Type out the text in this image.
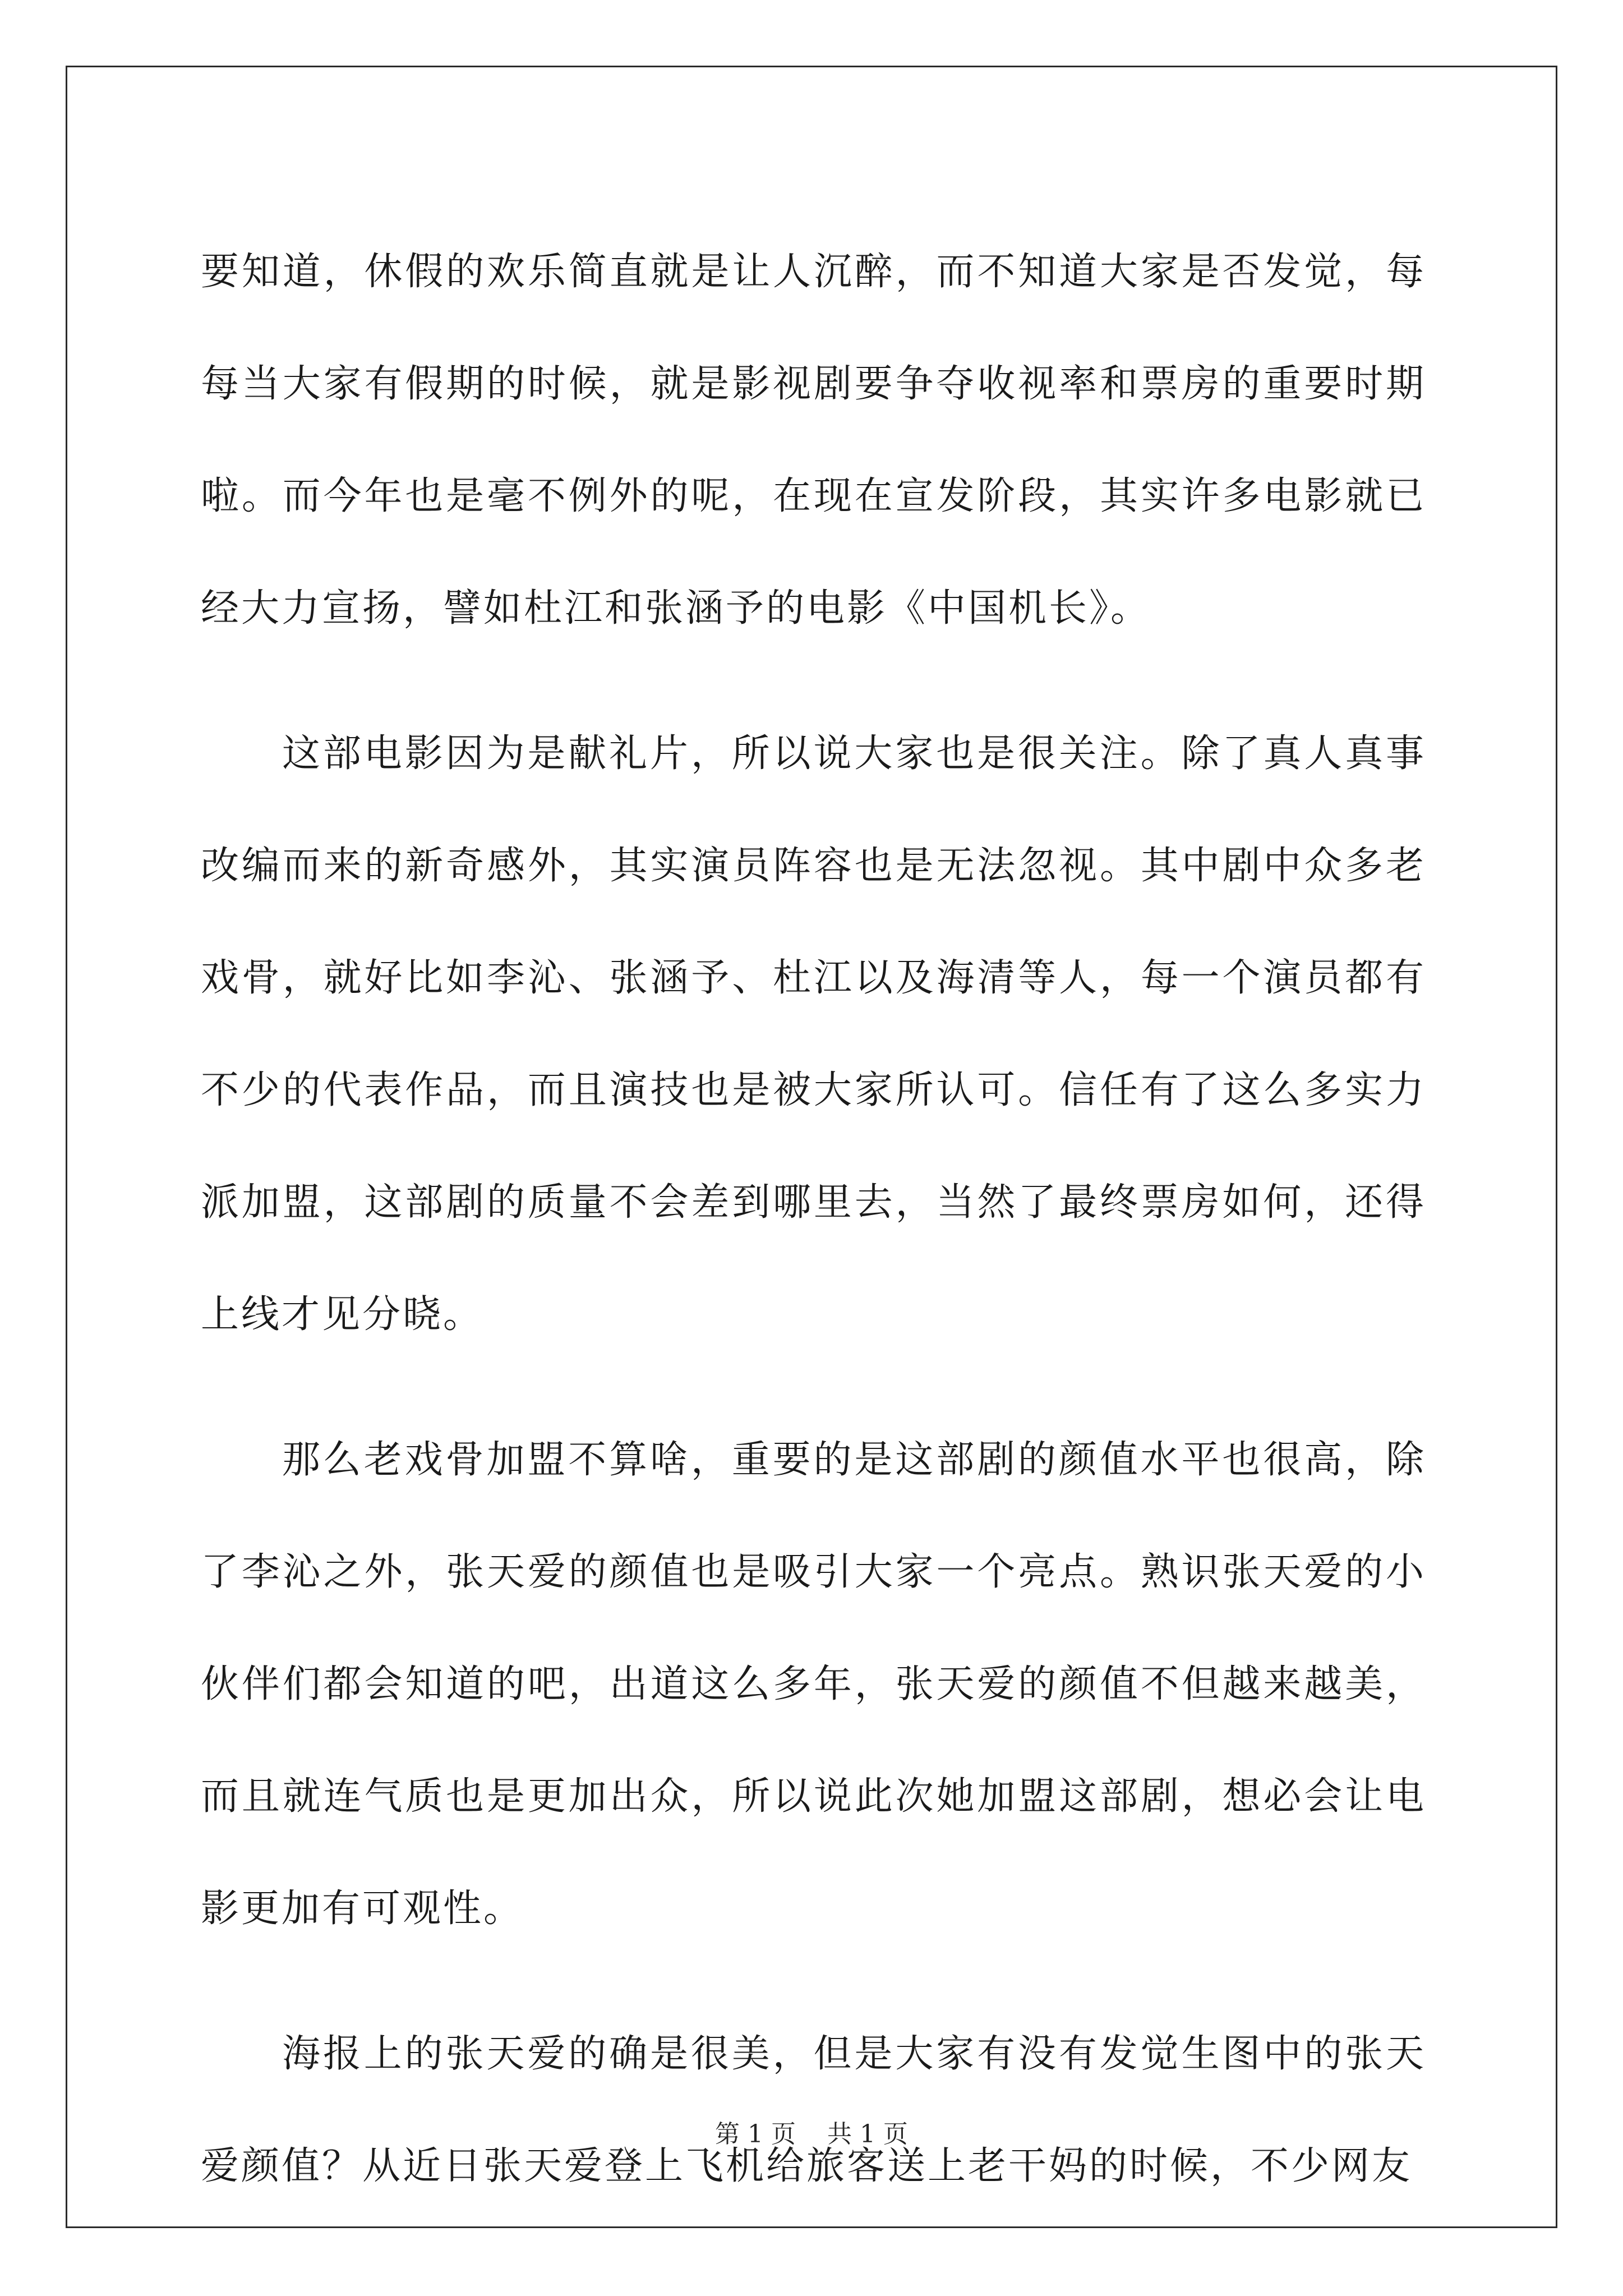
要知道，休假的欢乐简直就是让人沉醉，而不知道大家是否发觉，每每当大家有假期的时候，就是影视剧要争夺收视率和票房的重要时期啦。而今年也是毫不例外的呢，在现在宣发阶段，其实许多电影就已经大力宣扬，譬如杜江和张涵予的电影《中国机长》。

这部电影因为是献礼片，所以说大家也是很关注。除了真人真事改编而来的新奇感外，其实演员阵容也是无法忽视。其中剧中众多老戏骨，就好比如李沁、张涵予、杜江以及海清等人，每一个演员都有不少的代表作品，而且演技也是被大家所认可。信任有了这么多实力派加盟，这部剧的质量不会差到哪里去，当然了最终票房如何，还得上线才见分晓。

那么老戏骨加盟不算啥，重要的是这部剧的颜值水平也很高，除了李沁之外，张天爱的颜值也是吸引大家一个亮点。熟识张天爱的小伙伴们都会知道的吧，出道这么多年，张天爱的颜值不但越来越美，而且就连气质也是更加出众，所以说此次她加盟这部剧，想必会让电影更加有可观性。

海报上的张天爱的确是很美，但是大家有没有发觉生图中的张天爱颜值？从近日张天爱登上飞机给旅客送上老干妈的时候，不少网友

第 1 页    共 1 页
